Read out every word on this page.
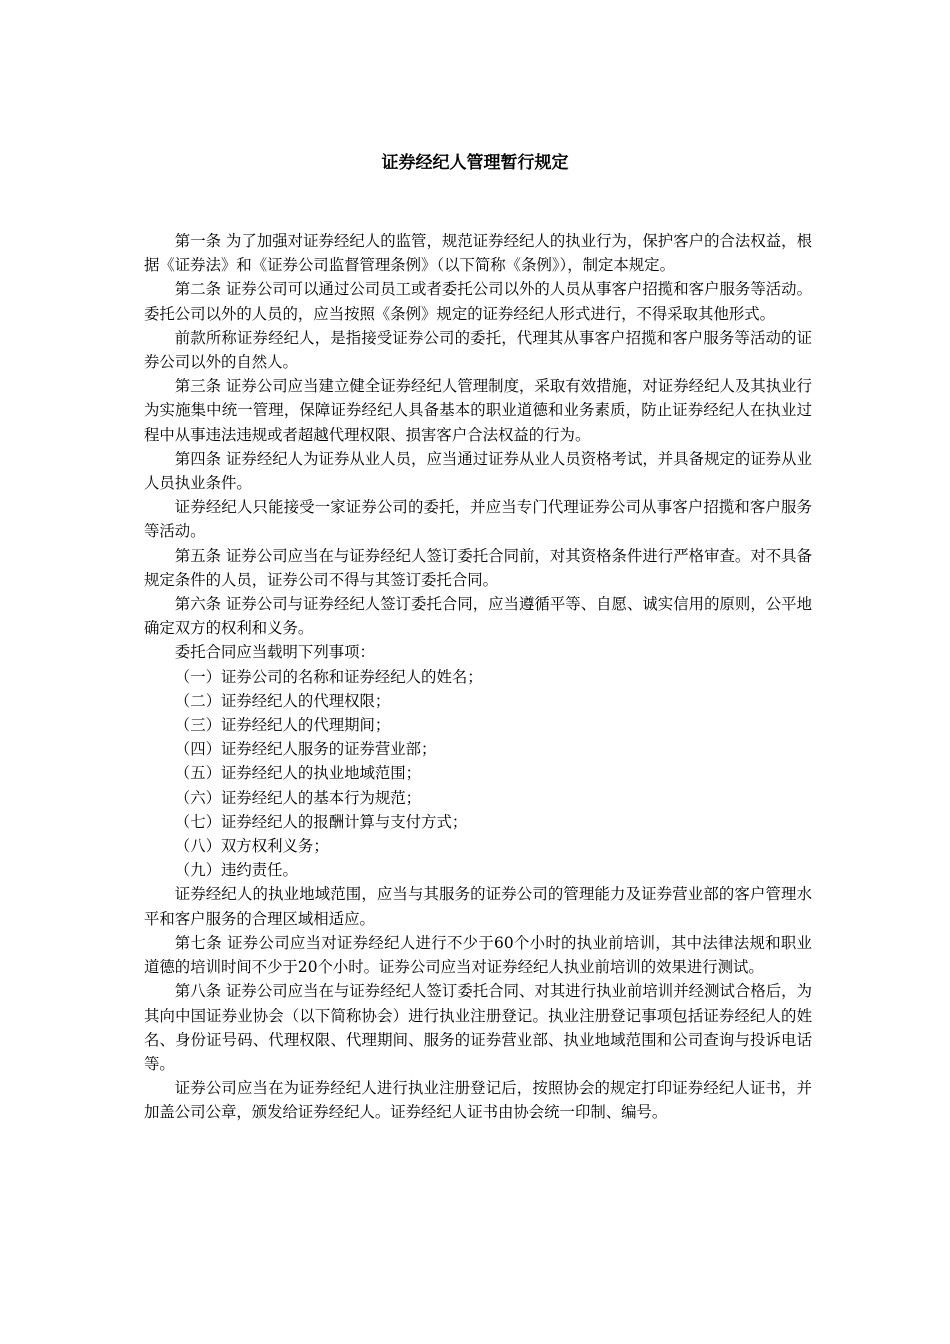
证券经纪人管理暂行规定

第一条 为了加强对证券经纪人的监管，规范证券经纪人的执业行为，保护客户的合法权益，根据《证券法》和《证券公司监督管理条例》（以下简称《条例》），制定本规定。

第二条 证券公司可以通过公司员工或者委托公司以外的人员从事客户招揽和客户服务等活动。委托公司以外的人员的，应当按照《条例》规定的证券经纪人形式进行，不得采取其他形式。

前款所称证券经纪人，是指接受证券公司的委托，代理其从事客户招揽和客户服务等活动的证券公司以外的自然人。

第三条 证券公司应当建立健全证券经纪人管理制度，采取有效措施，对证券经纪人及其执业行为实施集中统一管理，保障证券经纪人具备基本的职业道德和业务素质，防止证券经纪人在执业过程中从事违法违规或者超越代理权限、损害客户合法权益的行为。

第四条 证券经纪人为证券从业人员，应当通过证券从业人员资格考试，并具备规定的证券从业人员执业条件。

证券经纪人只能接受一家证券公司的委托，并应当专门代理证券公司从事客户招揽和客户服务等活动。

第五条 证券公司应当在与证券经纪人签订委托合同前，对其资格条件进行严格审查。对不具备规定条件的人员，证券公司不得与其签订委托合同。

第六条 证券公司与证券经纪人签订委托合同，应当遵循平等、自愿、诚实信用的原则，公平地确定双方的权利和义务。

委托合同应当载明下列事项：

（一）证券公司的名称和证券经纪人的姓名；

（二）证券经纪人的代理权限；

（三）证券经纪人的代理期间；

（四）证券经纪人服务的证券营业部；

（五）证券经纪人的执业地域范围；

（六）证券经纪人的基本行为规范；

（七）证券经纪人的报酬计算与支付方式；

（八）双方权利义务；

（九）违约责任。

证券经纪人的执业地域范围，应当与其服务的证券公司的管理能力及证券营业部的客户管理水平和客户服务的合理区域相适应。

第七条 证券公司应当对证券经纪人进行不少于60个小时的执业前培训，其中法律法规和职业道德的培训时间不少于20个小时。证券公司应当对证券经纪人执业前培训的效果进行测试。

第八条 证券公司应当在与证券经纪人签订委托合同、对其进行执业前培训并经测试合格后，为其向中国证券业协会（以下简称协会）进行执业注册登记。执业注册登记事项包括证券经纪人的姓名、身份证号码、代理权限、代理期间、服务的证券营业部、执业地域范围和公司查询与投诉电话等。

证券公司应当在为证券经纪人进行执业注册登记后，按照协会的规定打印证券经纪人证书，并加盖公司公章，颁发给证券经纪人。证券经纪人证书由协会统一印制、编号。
